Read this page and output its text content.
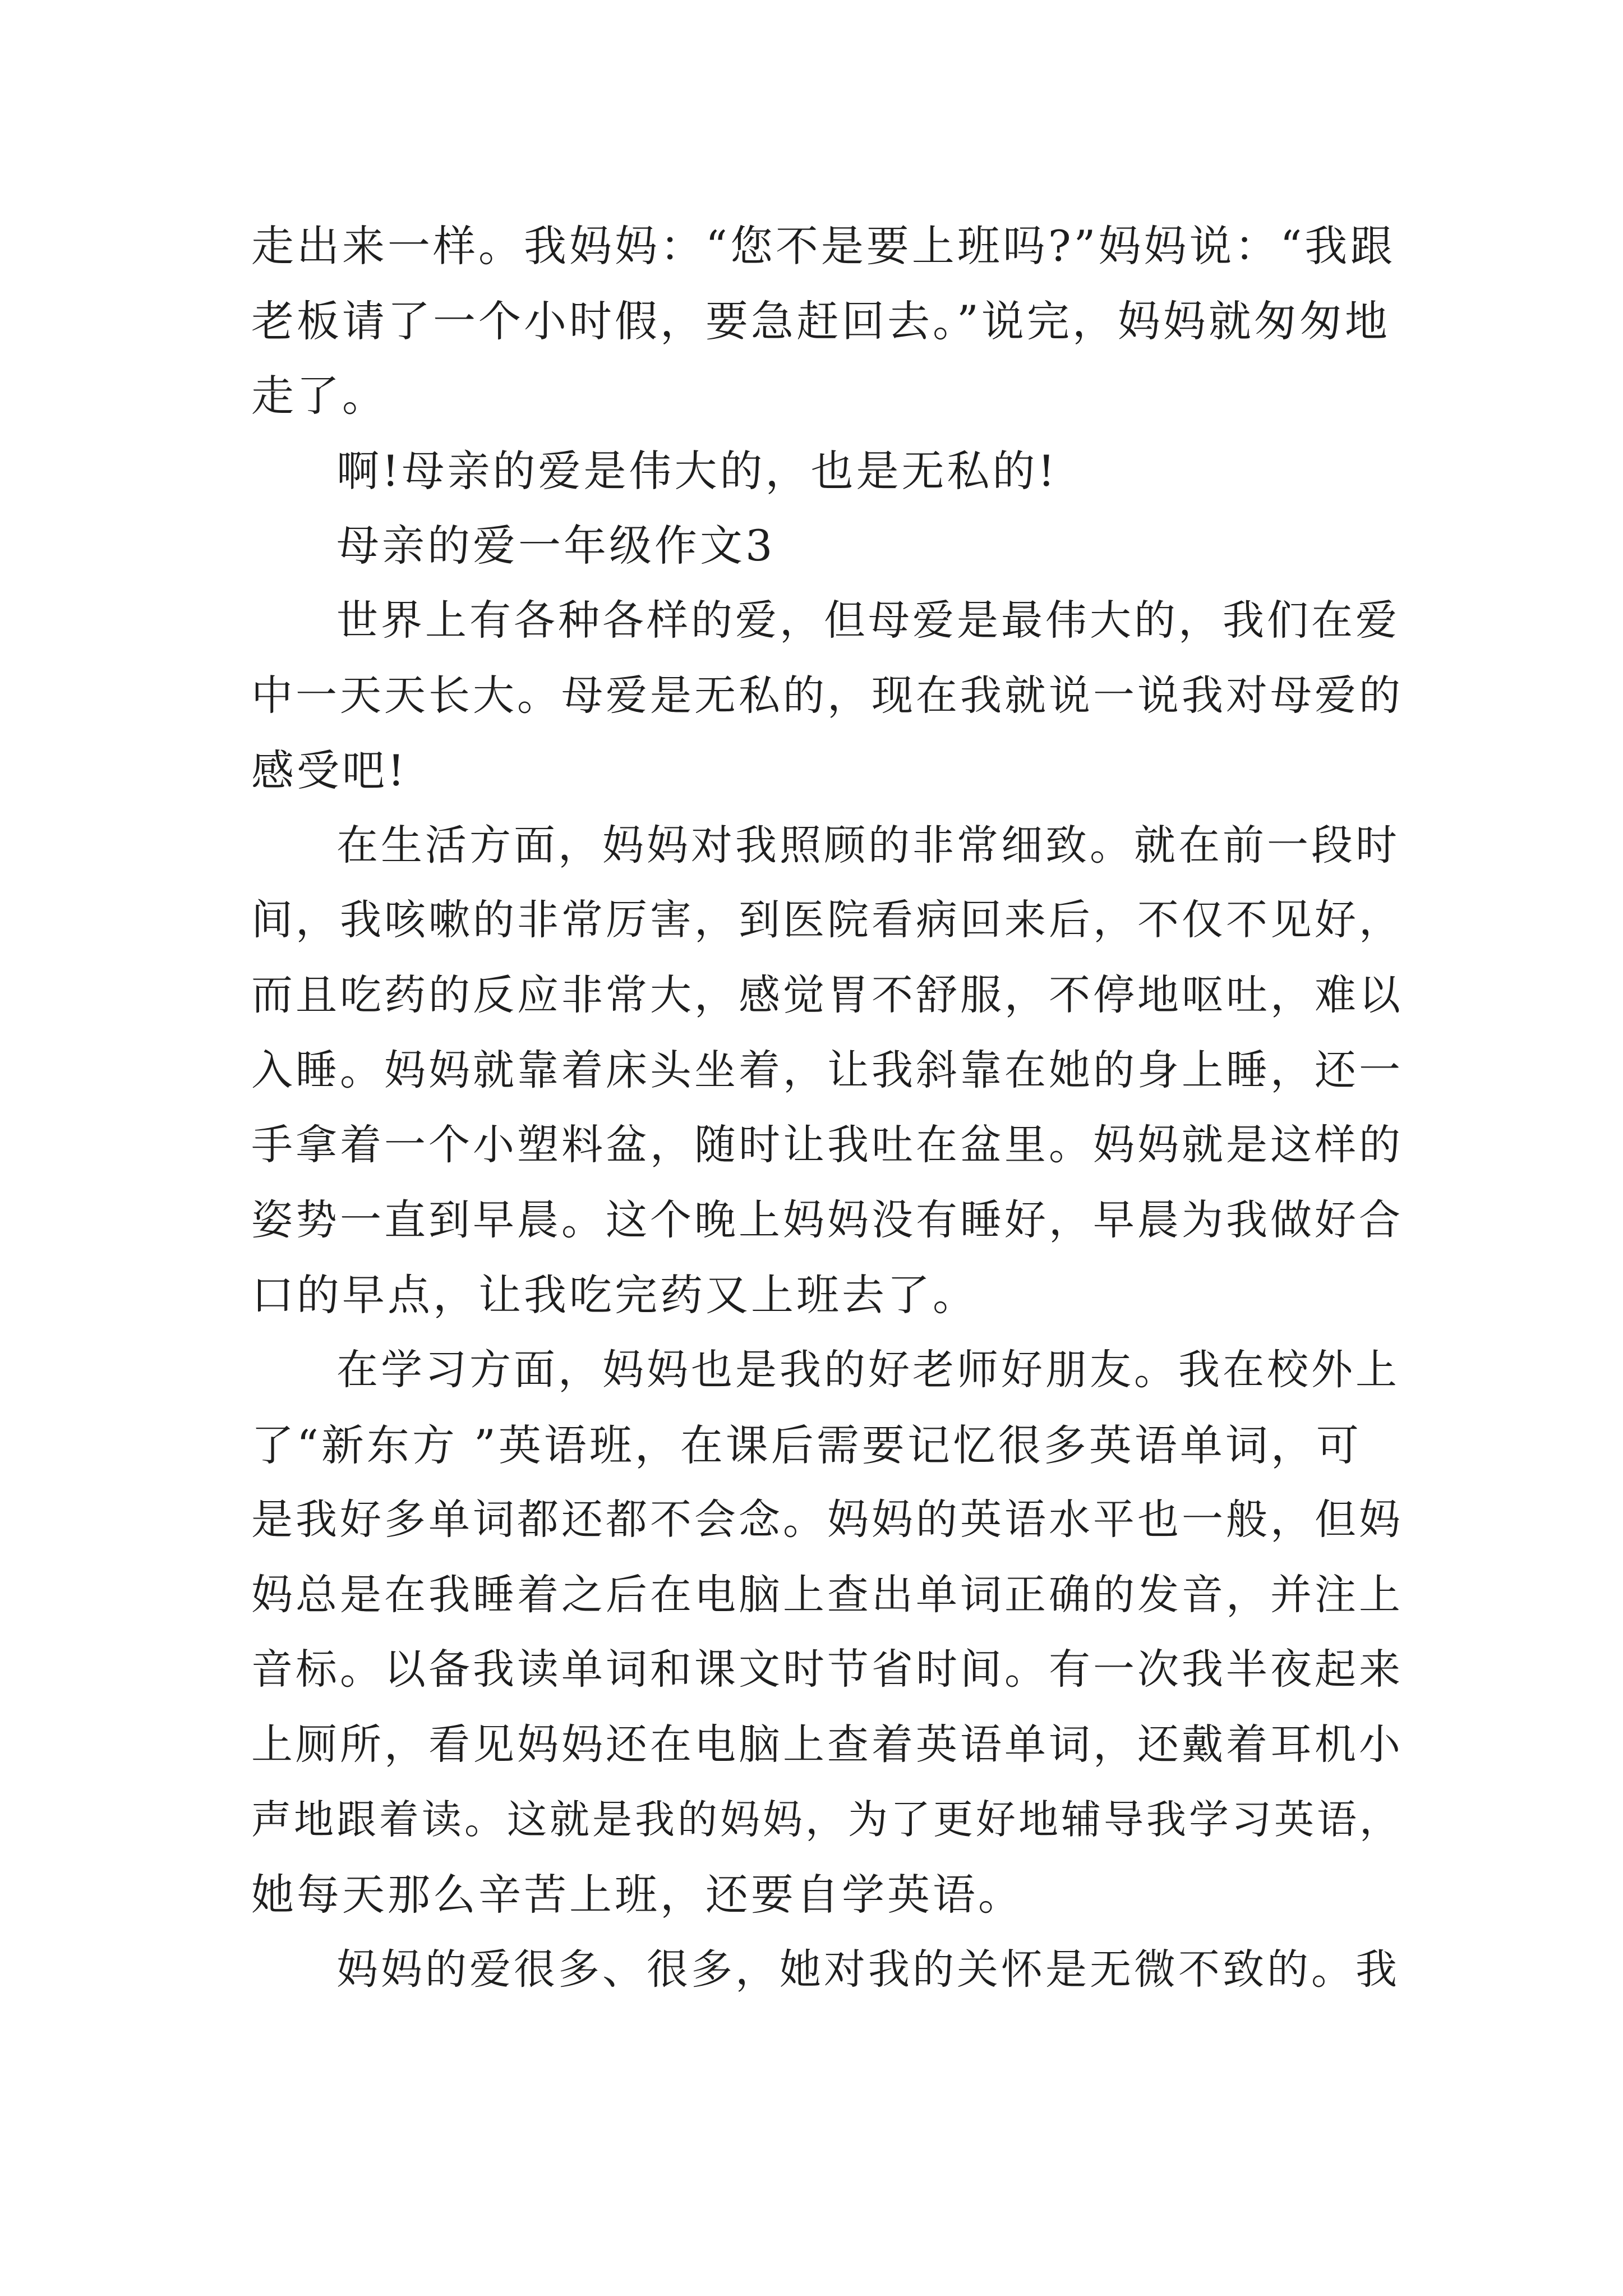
走出来一样。我妈妈：“您不是要上班吗?”妈妈说：“我跟
老板请了一个小时假，要急赶回去。”说完，妈妈就匆匆地
走了。
啊!母亲的爱是伟大的，也是无私的!
母亲的爱一年级作文3
世界上有各种各样的爱，但母爱是最伟大的，我们在爱
中一天天长大。母爱是无私的，现在我就说一说我对母爱的
感受吧!
在生活方面，妈妈对我照顾的非常细致。就在前一段时
间，我咳嗽的非常厉害，到医院看病回来后，不仅不见好，
而且吃药的反应非常大，感觉胃不舒服，不停地呕吐，难以
入睡。妈妈就靠着床头坐着，让我斜靠在她的身上睡，还一
手拿着一个小塑料盆，随时让我吐在盆里。妈妈就是这样的
姿势一直到早晨。这个晚上妈妈没有睡好，早晨为我做好合
口的早点，让我吃完药又上班去了。
在学习方面，妈妈也是我的好老师好朋友。我在校外上
了“新东方 ”英语班，在课后需要记忆很多英语单词，可
是我好多单词都还都不会念。妈妈的英语水平也一般，但妈
妈总是在我睡着之后在电脑上查出单词正确的发音，并注上
音标。以备我读单词和课文时节省时间。有一次我半夜起来
上厕所，看见妈妈还在电脑上查着英语单词，还戴着耳机小
声地跟着读。这就是我的妈妈，为了更好地辅导我学习英语，
她每天那么辛苦上班，还要自学英语。
妈妈的爱很多、很多，她对我的关怀是无微不致的。我
